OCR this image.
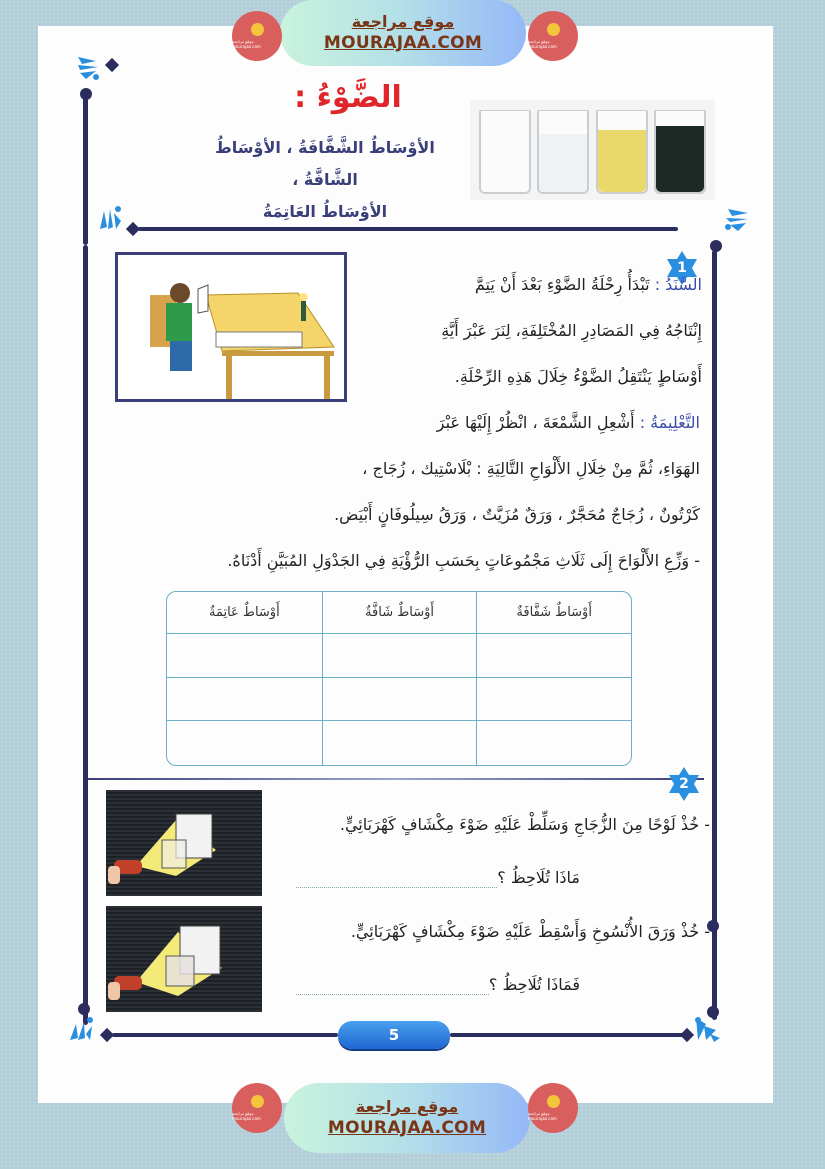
موقع مراجعة mourajaa.com
موقع مراجعة
MOURAJAA.COM	موقع مراجعة mourajaa.com
الضَّوْءُ :
الأوْسَاطُ الشَّفَّافَةُ ، الأوْسَاطُ الشَّافَّةُ ،
الأوْسَاطُ العَاتِمَةُ
1
السَّنَدُ : تَبْدَأُ رِحْلَةُ الضَّوْءِ بَعْدَ أَنْ يَتِمَّ
إِنْتَاجُهُ فِي المَصَادِرِ المُخْتَلِفَةِ، لِنَرَ عَبْرَ أَيَّةِ
أَوْسَاطٍ يَنْتَقِلُ الضَّوْءُ خِلَالَ هَذِهِ الرِّحْلَةِ.
التَّعْلِيمَةُ : أَشْعِلِ الشَّمْعَةَ ، انْظُرْ إِلَيْهَا عَبْرَ
الهَوَاءِ، ثُمَّ مِنْ خِلَالِ الأَلْوَاحِ التَّالِيَةِ : بْلَاسْتِيك ، زُجَاج ،
كَرْتُونٌ ، زُجَاجٌ مُحَجَّرٌ ، وَرَقٌ مُزَيَّتٌ ، وَرَقُ سِيلُوفَانٍ أَبْيَض.
- وَزِّعِ الأَلْوَاحَ إِلَى ثَلَاثِ مَجْمُوعَاتٍ بِحَسَبِ الرُّؤْيَةِ فِي الجَدْوَلِ المُبَيَّنِ أَدْنَاهُ.
أَوْسَاطٌ شَفَّافَةٌ
أَوْسَاطٌ شَافَّةٌ
أَوْسَاطٌ عَاتِمَةٌ
2
- خُذْ لَوْحًا مِنَ الزُّجَاجِ وَسَلِّطْ عَلَيْهِ ضَوْءَ مِكْشَافٍ كَهْرَبَائِيٍّ.
مَاذَا تُلَاحِظُ ؟
- خُذْ وَرَقَ الأُنْسُوخِ وَأَسْقِطْ عَلَيْهِ ضَوْءَ مِكْشَافٍ كَهْرَبَائِيٍّ.
فَمَاذَا تُلَاحِظُ ؟
5
موقع مراجعة mourajaa.com
موقع مراجعة
MOURAJAA.COM
موقع مراجعة mourajaa.com
